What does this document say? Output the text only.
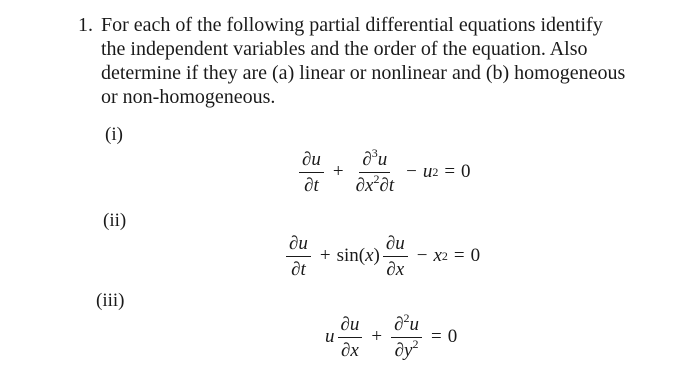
1. For each of the following partial differential equations identify
the independent variables and the order of the equation. Also
determine if they are (a) linear or nonlinear and (b) homogeneous
or non-homogeneous.
(i)
$\frac{\partial u}{\partial t} + \frac{\partial^3u}{\partial x^2\partial t} - u$ 2 = 0
(ii)
$\frac{\partial u}{\partial t} + \sin$( x ) $\frac{\partial u}{\partial x} - x$ 2 = 0
(iii)
u $\frac{\partial u}{\partial x} + \frac{\partial^2u}{\partial y^2} = 0$
